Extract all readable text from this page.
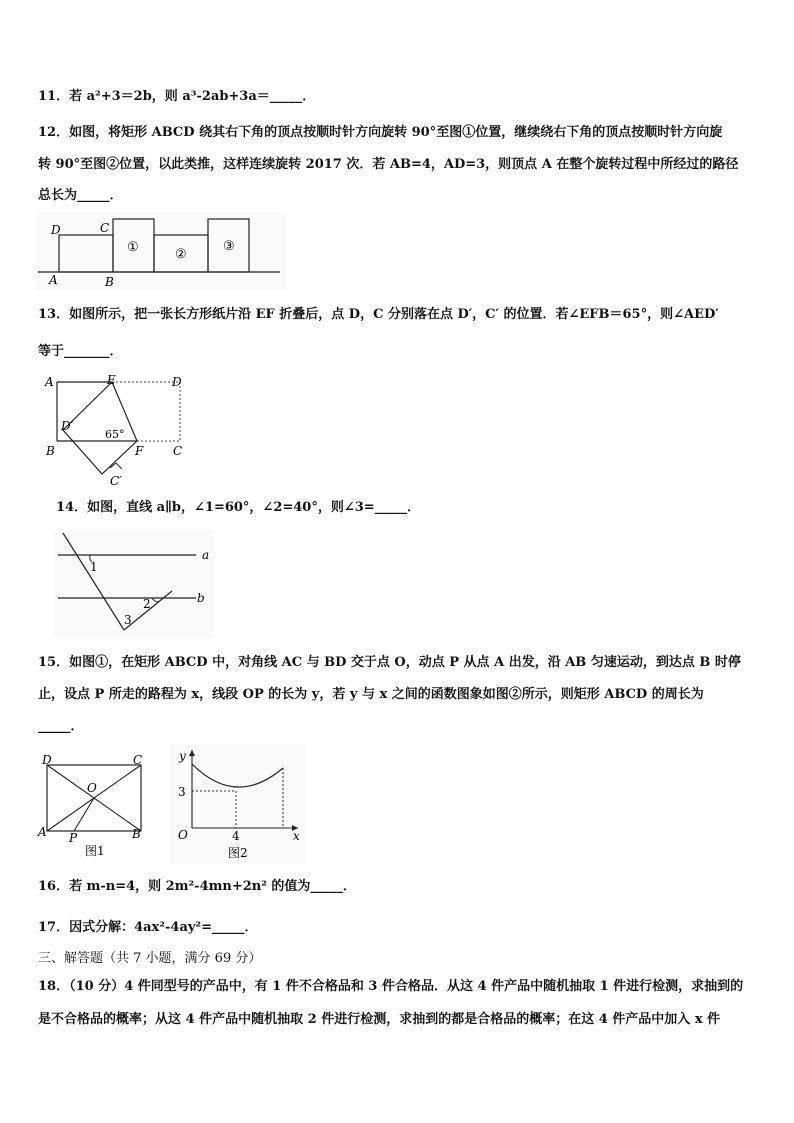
11．若 a²+3＝2b，则 a³-2ab+3a＝_____．
12．如图，将矩形 ABCD 绕其右下角的顶点按顺时针方向旋转 90°至图①位置，继续绕右下角的顶点按顺时针方向旋
转 90°至图②位置，以此类推，这样连续旋转 2017 次．若 AB=4，AD=3，则顶点 A 在整个旋转过程中所经过的路径
总长为_____．
D	C
A	B
①	②
③
13．如图所示，把一张长方形纸片沿 EF 折叠后，点 D，C 分别落在点 D′，C′ 的位置．若∠EFB＝65°，则∠AED′
等于_______．
A	E	D
D′
65°
B	F C
C′
14．如图，直线 a∥b，∠1=60°，∠2=40°，则∠3=_____．
a
b
1
2
3
15．如图①，在矩形 ABCD 中，对角线 AC 与 BD 交于点 O，动点 P 从点 A 出发，沿 AB 匀速运动，到达点 B 时停
止，设点 P 所走的路程为 x，线段 OP 的长为 y，若 y 与 x 之间的函数图象如图②所示，则矩形 ABCD 的周长为
_____．
D	C
O
A P	B
图1
y
x
O
3
4
图2
16．若 m-n=4，则 2m²-4mn+2n² 的值为_____．
17．因式分解：4ax²-4ay²=_____．
三、解答题（共 7 小题，满分 69 分）
18．（10 分）4 件同型号的产品中，有 1 件不合格品和 3 件合格品．从这 4 件产品中随机抽取 1 件进行检测，求抽到的
是不合格品的概率；从这 4 件产品中随机抽取 2 件进行检测，求抽到的都是合格品的概率；在这 4 件产品中加入 x 件
